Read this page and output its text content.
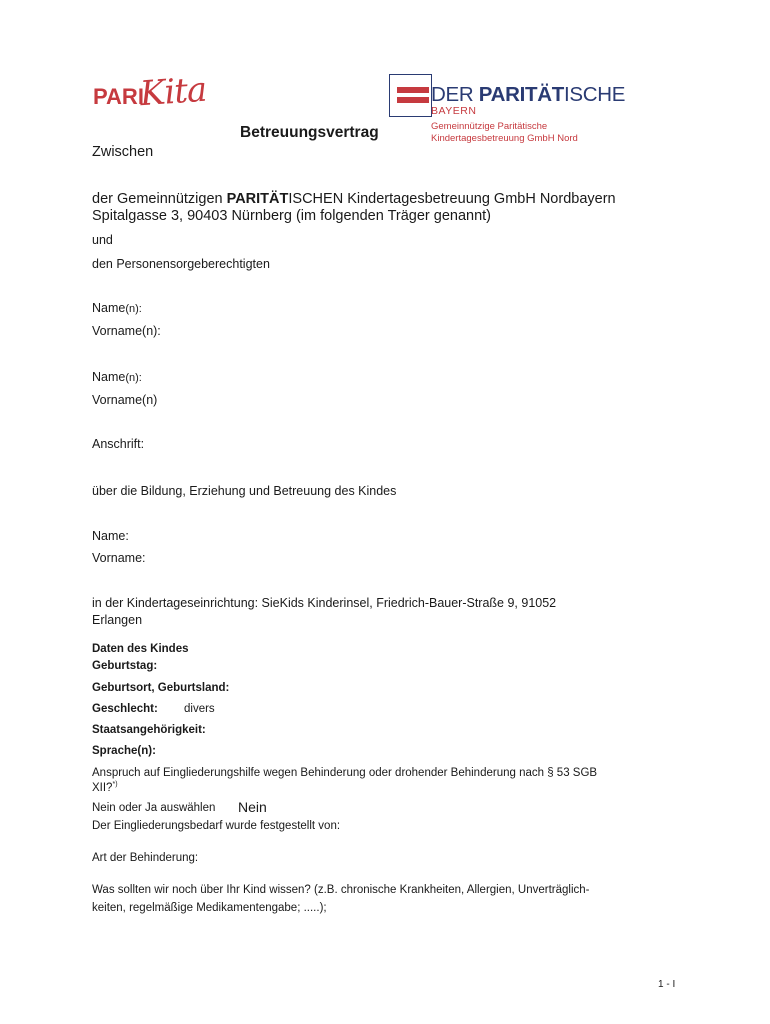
PARI
Kita	DER PARITÄTISCHE
BAYERN
Gemeinnützige Paritätische
Kindertagesbetreuung GmbH Nord
Betreuungsvertrag
Zwischen
der Gemeinnützigen PARITÄTISCHEN Kindertagesbetreuung GmbH Nordbayern
Spitalgasse 3, 90403 Nürnberg (im folgenden Träger genannt)
und
den Personensorgeberechtigten
Name(n):
Vorname(n):
Name(n):
Vorname(n)
Anschrift:
über die Bildung, Erziehung und Betreuung des Kindes
Name:
Vorname:
in der Kindertageseinrichtung: SieKids Kinderinsel, Friedrich-Bauer-Straße 9, 91052
Erlangen
Daten des Kindes
Geburtstag:
Geburtsort, Geburtsland:
Geschlecht: divers
Staatsangehörigkeit:
Sprache(n):
Anspruch auf Eingliederungshilfe wegen Behinderung oder drohender Behinderung nach § 53 SGB
XII?*)
Nein oder Ja auswählen Nein
Der Eingliederungsbedarf wurde festgestellt von:
Art der Behinderung:
Was sollten wir noch über Ihr Kind wissen? (z.B. chronische Krankheiten, Allergien, Unverträglich-
keiten, regelmäßige Medikamentengabe; .....);
1 - I
